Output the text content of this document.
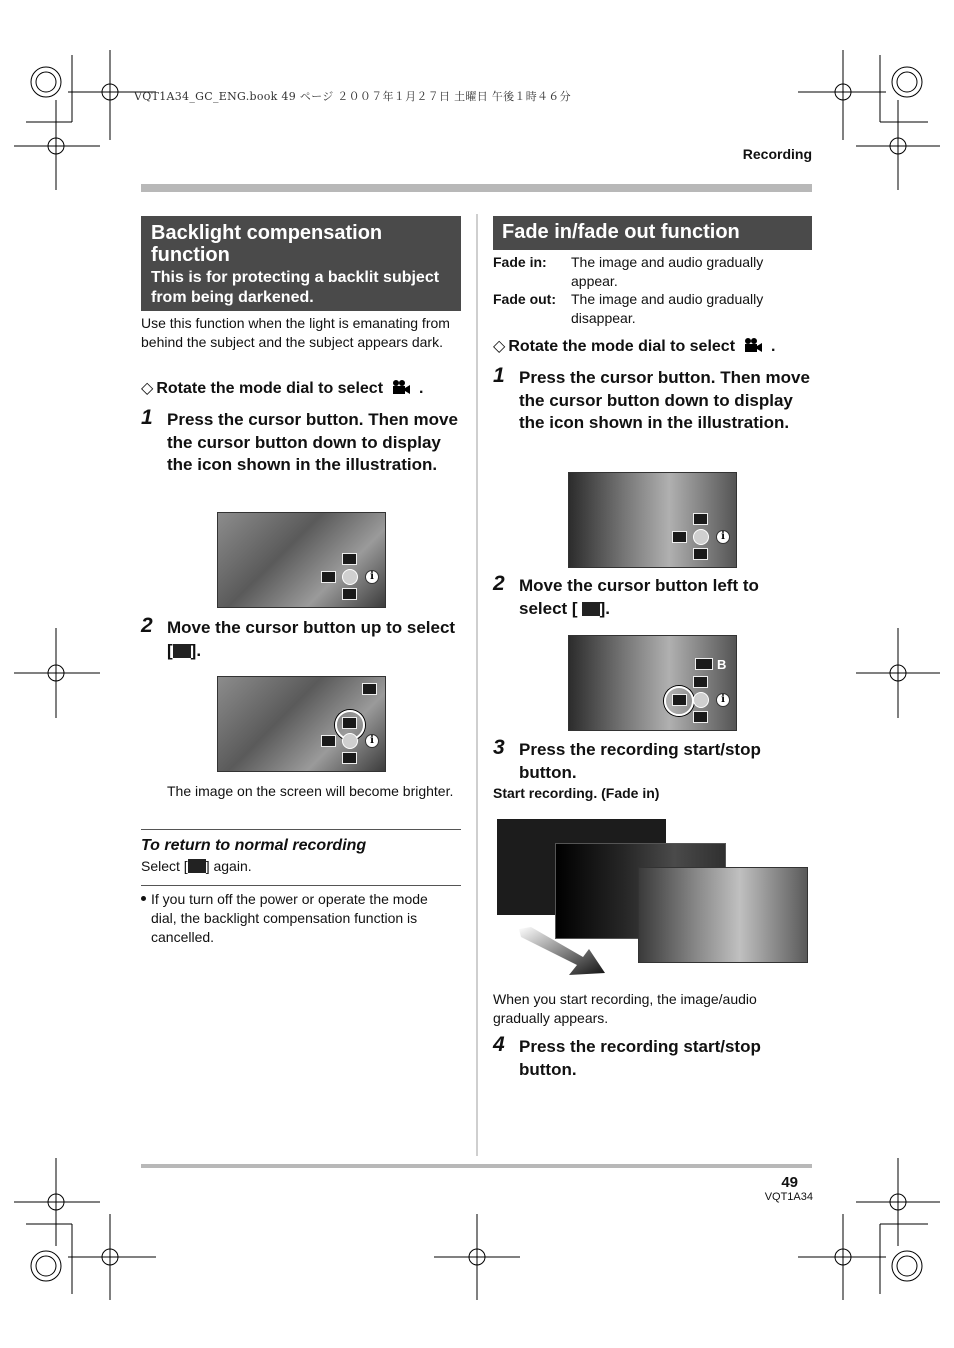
VQT1A34_GC_ENG.book 49 ページ ２００７年１月２７日 土曜日 午後１時４６分
Recording
Backlight compensation function
This is for protecting a backlit subject from being darkened.
Use this function when the light is emanating from behind the subject and the subject appears dark.
◇ Rotate the mode dial to select .
1 Press the cursor button. Then move the cursor button down to display the icon shown in the illustration.
i
2 Move the cursor button up to select [ ].
i
The image on the screen will become brighter.
To return to normal recording
Select [ ] again.
If you turn off the power or operate the mode dial, the backlight compensation function is cancelled.
Fade in/fade out function
Fade in: The image and audio gradually appear.
Fade out: The image and audio gradually disappear.
◇ Rotate the mode dial to select .
1 Press the cursor button. Then move the cursor button down to display the icon shown in the illustration.
i
2 Move the cursor button left to select [ ].
B
i
3 Press the recording start/stop button.
Start recording. (Fade in)
When you start recording, the image/audio gradually appears.
4 Press the recording start/stop button.
49
VQT1A34
